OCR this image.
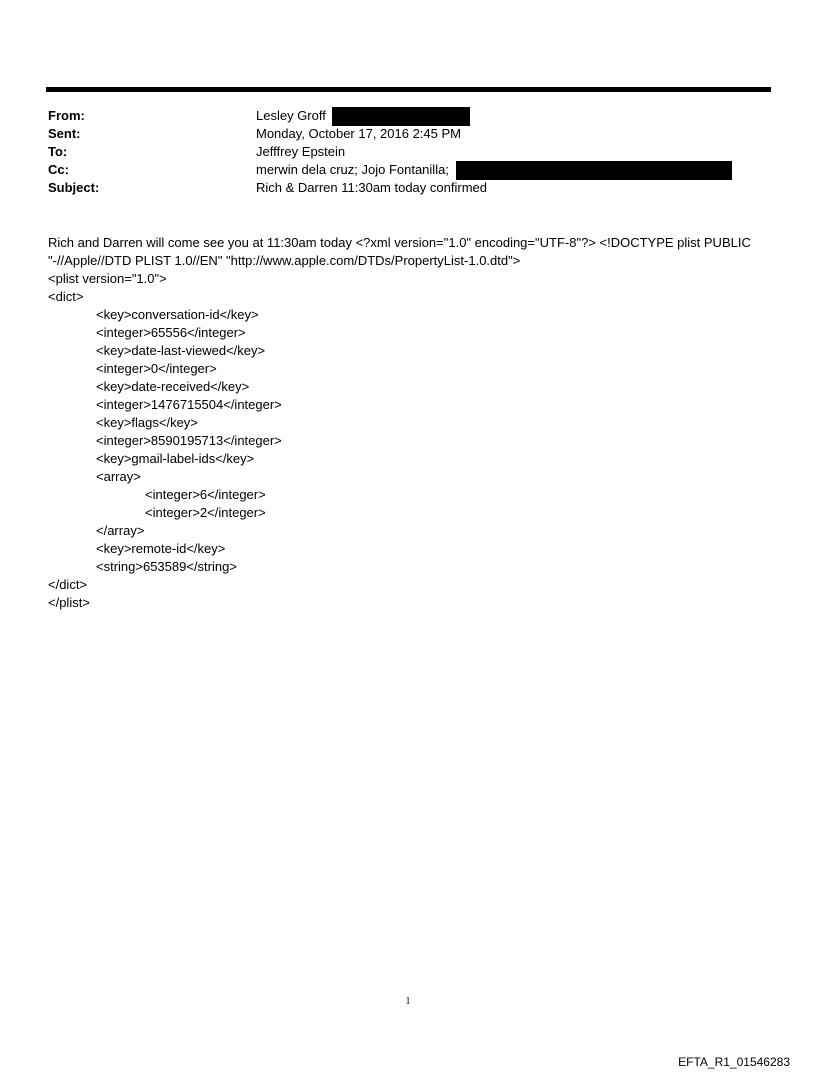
From:	Lesley Groff
Sent:	Monday, October 17, 2016 2:45 PM
To:	Jefffrey Epstein
Cc:	merwin dela cruz; Jojo Fontanilla;
Subject:	Rich & Darren 11:30am today confirmed
Rich and Darren will come see you at 11:30am today <?xml version="1.0" encoding="UTF-8"?> <!DOCTYPE plist PUBLIC
"-//Apple//DTD PLIST 1.0//EN" "http://www.apple.com/DTDs/PropertyList-1.0.dtd">
<plist version="1.0">
<dict>
<key>conversation-id</key>
<integer>65556</integer>
<key>date-last-viewed</key>
<integer>0</integer>
<key>date-received</key>
<integer>1476715504</integer>
<key>flags</key>
<integer>8590195713</integer>
<key>gmail-label-ids</key>
<array>
<integer>6</integer>
<integer>2</integer>
</array>
<key>remote-id</key>
<string>653589</string>
</dict>
</plist>
1
EFTA_R1_01546283
